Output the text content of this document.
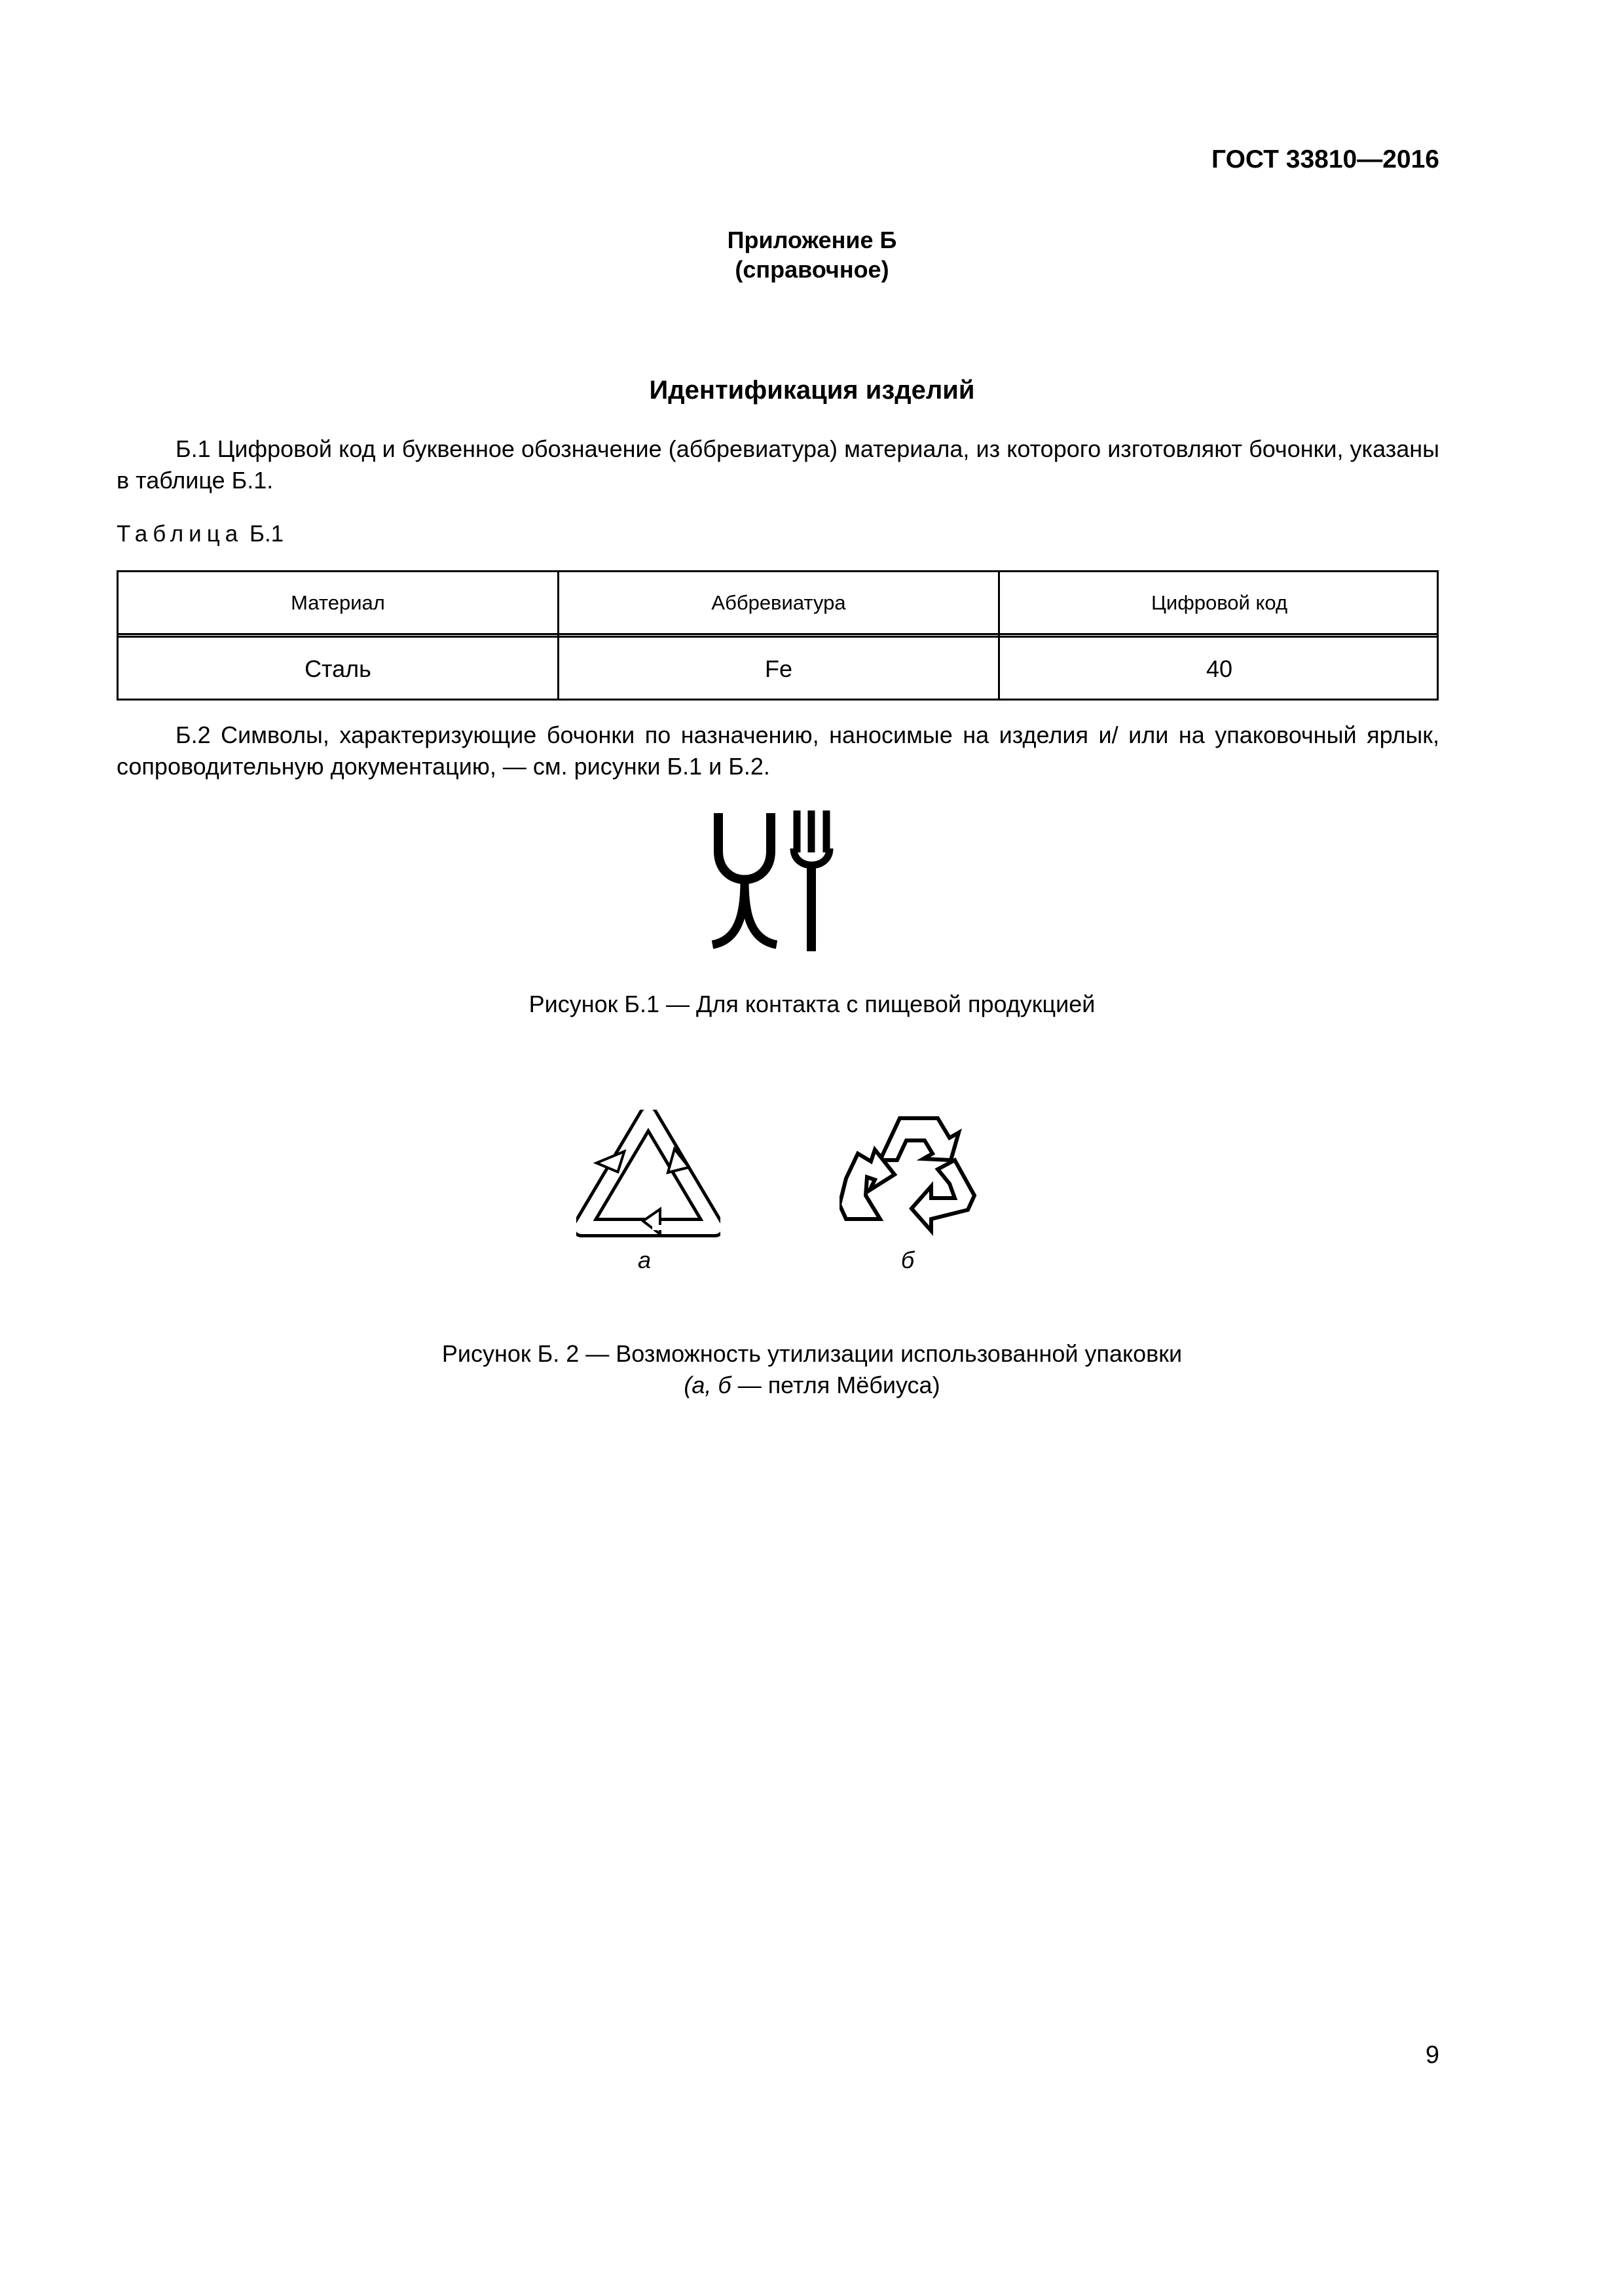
ГОСТ 33810—2016
Приложение Б
(справочное)
Идентификация изделий
Б.1 Цифровой код и буквенное обозначение (аббревиатура) материала, из которого изготовляют бочонки, указаны в таблице Б.1.
Таблица Б.1
Материал	Аббревиатура	Цифровой код
Сталь	Fe	40
Б.2 Символы, характеризующие бочонки по назначению, наносимые на изделия и/ или на упаковочный ярлык, сопроводительную документацию, — см. рисунки Б.1 и Б.2.
Рисунок Б.1 — Для контакта с пищевой продукцией
а	б
Рисунок Б. 2 — Возможность утилизации использованной упаковки
(а, б — петля Мёбиуса)
9
